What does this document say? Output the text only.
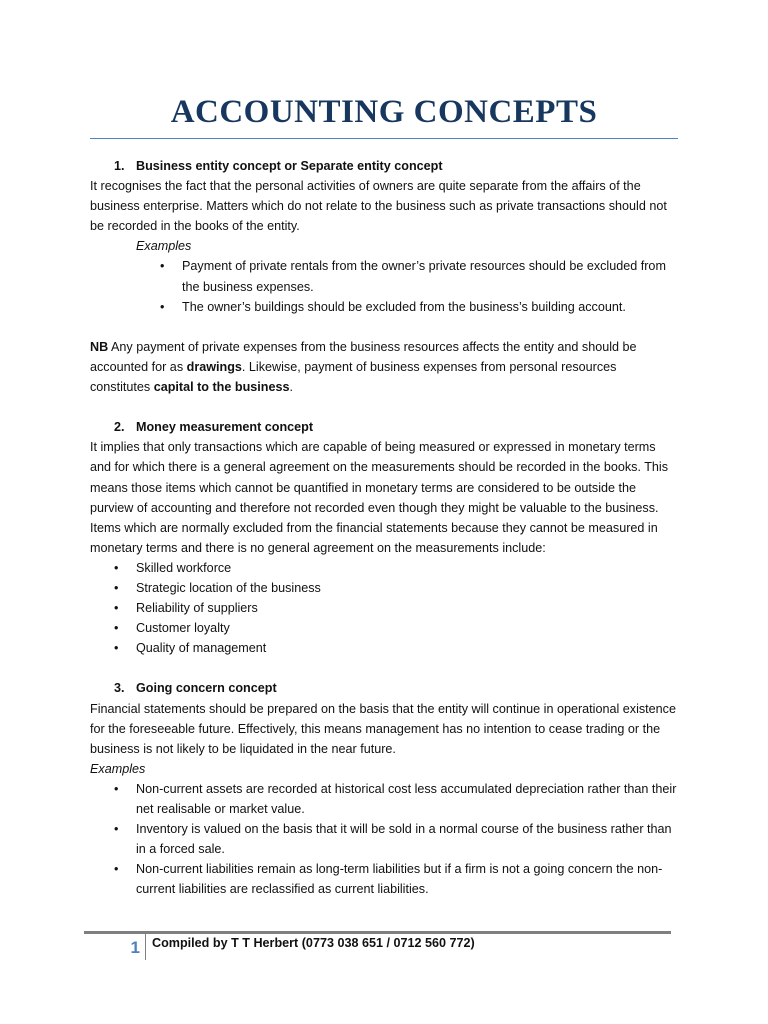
ACCOUNTING CONCEPTS

1. Business entity concept or Separate entity concept

It recognises the fact that the personal activities of owners are quite separate from the affairs of the business enterprise. Matters which do not relate to the business such as private transactions should not be recorded in the books of the entity.

Examples

• Payment of private rentals from the owner’s private resources should be excluded from the business expenses.
• The owner’s buildings should be excluded from the business’s building account.

NB Any payment of private expenses from the business resources affects the entity and should be accounted for as drawings. Likewise, payment of business expenses from personal resources constitutes capital to the business.

2. Money measurement concept

It implies that only transactions which are capable of being measured or expressed in monetary terms and for which there is a general agreement on the measurements should be recorded in the books. This means those items which cannot be quantified in monetary terms are considered to be outside the purview of accounting and therefore not recorded even though they might be valuable to the business. Items which are normally excluded from the financial statements because they cannot be measured in monetary terms and there is no general agreement on the measurements include:

• Skilled workforce
• Strategic location of the business
• Reliability of suppliers
• Customer loyalty
• Quality of management

3. Going concern concept

Financial statements should be prepared on the basis that the entity will continue in operational existence for the foreseeable future. Effectively, this means management has no intention to cease trading or the business is not likely to be liquidated in the near future.

Examples

• Non-current assets are recorded at historical cost less accumulated depreciation rather than their net realisable or market value.
• Inventory is valued on the basis that it will be sold in a normal course of the business rather than in a forced sale.
• Non-current liabilities remain as long-term liabilities but if a firm is not a going concern the non-current liabilities are reclassified as current liabilities.
1 Compiled by T T Herbert (0773 038 651 / 0712 560 772)
